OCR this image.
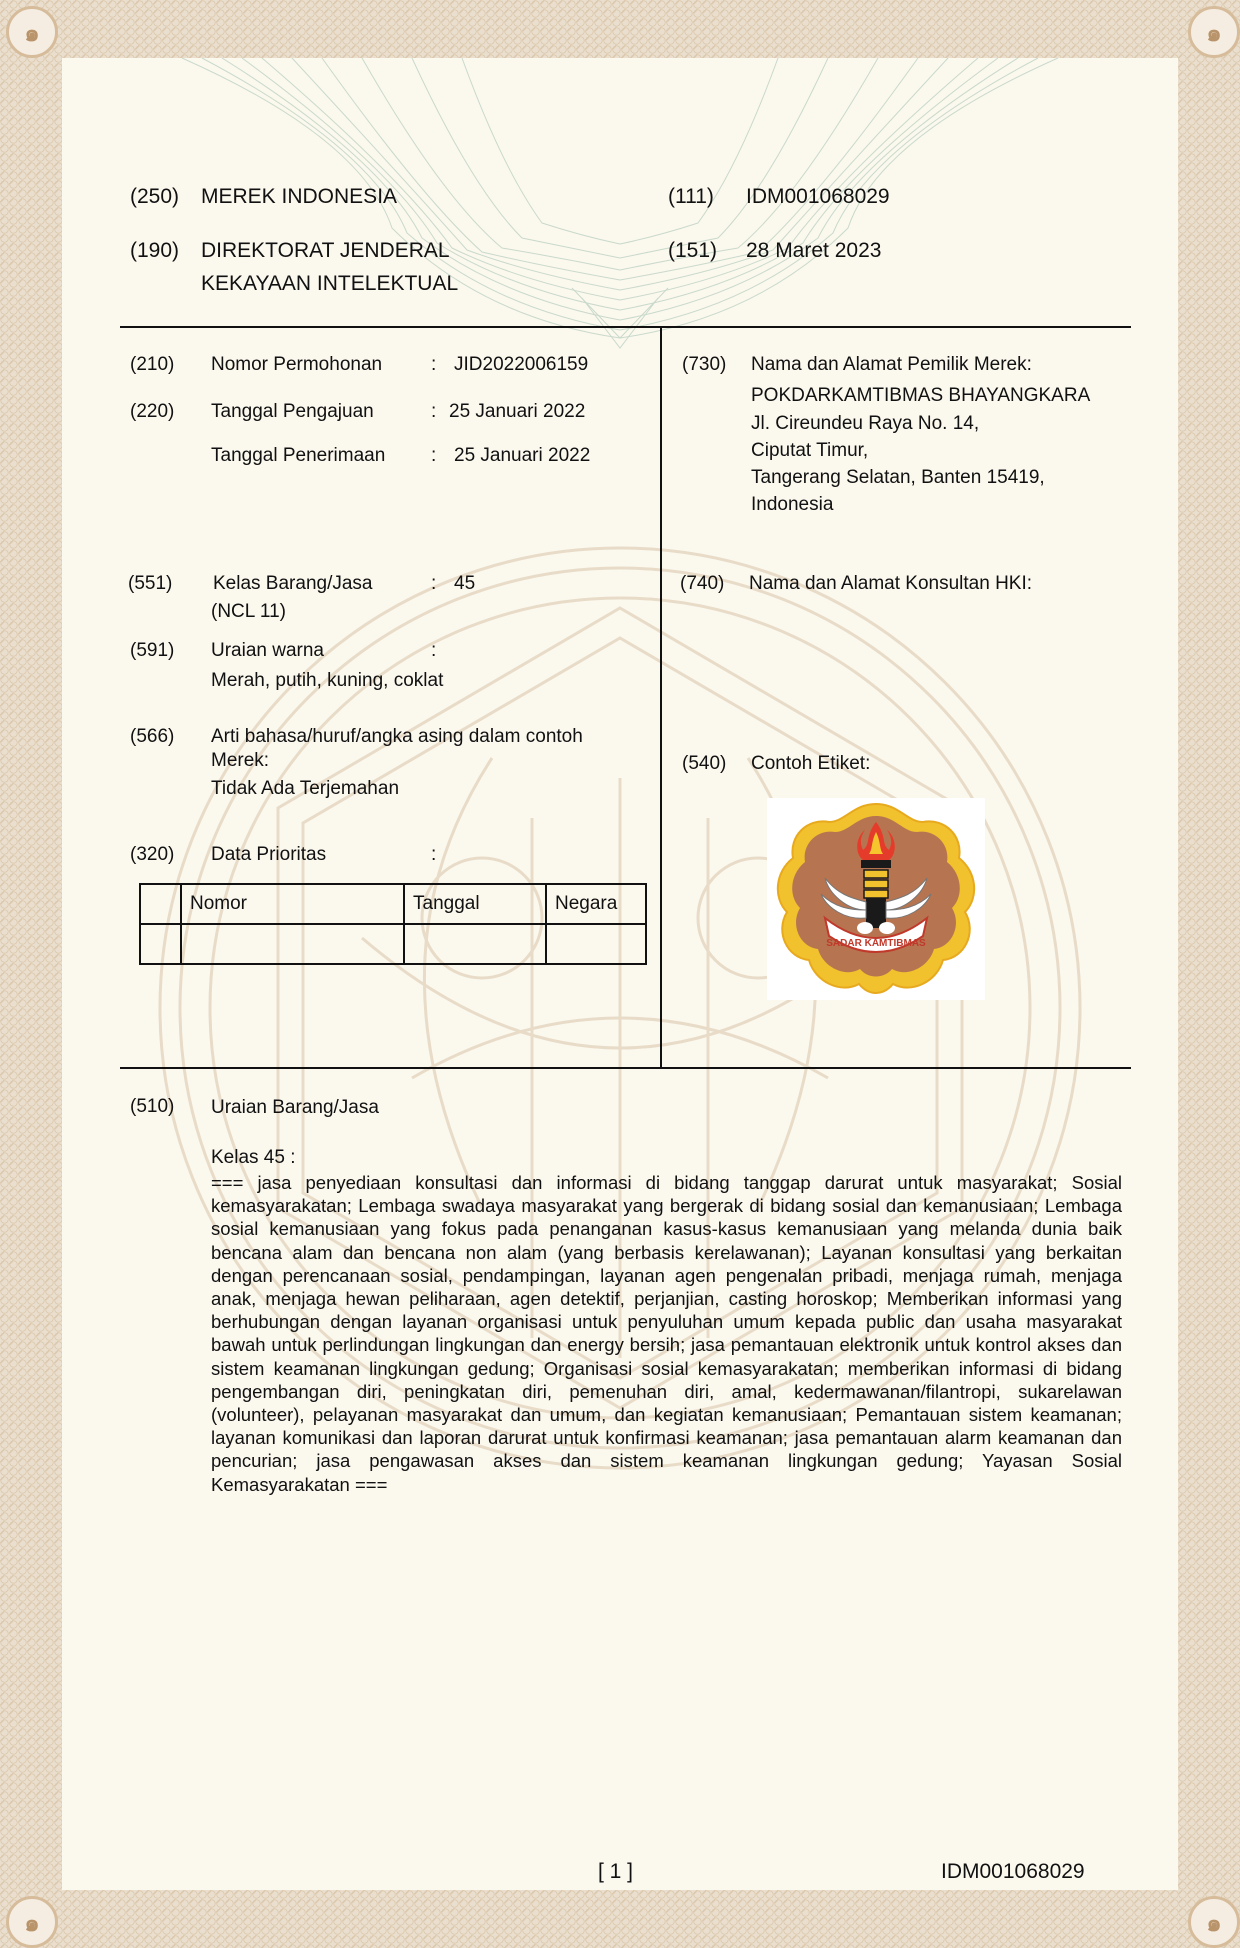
๑	๑
๑	๑
(250) MEREK INDONESIA	(111) IDM001068029
(190) DIREKTORAT JENDERAL
KEKAYAAN INTELEKTUAL
(151) 28 Maret 2023
(210) Nomor Permohonan	: JID2022006159
(220) Tanggal Pengajuan	: 25 Januari 2022
Tanggal Penerimaan : 25 Januari 2022
(551) Kelas Barang/Jasa	: 45
(NCL 11)
(591) Uraian warna	:
Merah, putih, kuning, coklat
(566) Arti bahasa/huruf/angka asing dalam contoh
Merek:
Tidak Ada Terjemahan
(320) Data Prioritas	:
	Nomor	Tanggal	Negara

(730) Nama dan Alamat Pemilik Merek:
POKDARKAMTIBMAS BHAYANGKARA
Jl. Cireundeu Raya No. 14,
Ciputat Timur,
Tangerang Selatan, Banten 15419,
Indonesia
(740) Nama dan Alamat Konsultan HKI:
(540) Contoh Etiket:
SADAR KAMTIBMAS
(510) Uraian Barang/Jasa
Kelas 45 :
=== jasa penyediaan konsultasi dan informasi di bidang tanggap darurat untuk masyarakat; Sosial kemasyarakatan; Lembaga swadaya masyarakat yang bergerak di bidang sosial dan kemanusiaan; Lembaga sosial kemanusiaan yang fokus pada penanganan kasus-kasus kemanusiaan yang melanda dunia baik bencana alam dan bencana non alam (yang berbasis kerelawanan); Layanan konsultasi yang berkaitan dengan perencanaan sosial, pendampingan, layanan agen pengenalan pribadi, menjaga rumah, menjaga anak, menjaga hewan peliharaan, agen detektif, perjanjian, casting horoskop; Memberikan informasi yang berhubungan dengan layanan organisasi untuk penyuluhan umum kepada public dan usaha masyarakat bawah untuk perlindungan lingkungan dan energy bersih; jasa pemantauan elektronik untuk kontrol akses dan sistem keamanan lingkungan gedung; Organisasi sosial kemasyarakatan; memberikan informasi di bidang pengembangan diri, peningkatan diri, pemenuhan diri, amal, kedermawanan/filantropi, sukarelawan (volunteer), pelayanan masyarakat dan umum, dan kegiatan kemanusiaan; Pemantauan sistem keamanan; layanan komunikasi dan laporan darurat untuk konfirmasi keamanan; jasa pemantauan alarm keamanan dan pencurian; jasa pengawasan akses dan sistem keamanan lingkungan gedung; Yayasan Sosial Kemasyarakatan ===
[ 1 ]	IDM001068029
